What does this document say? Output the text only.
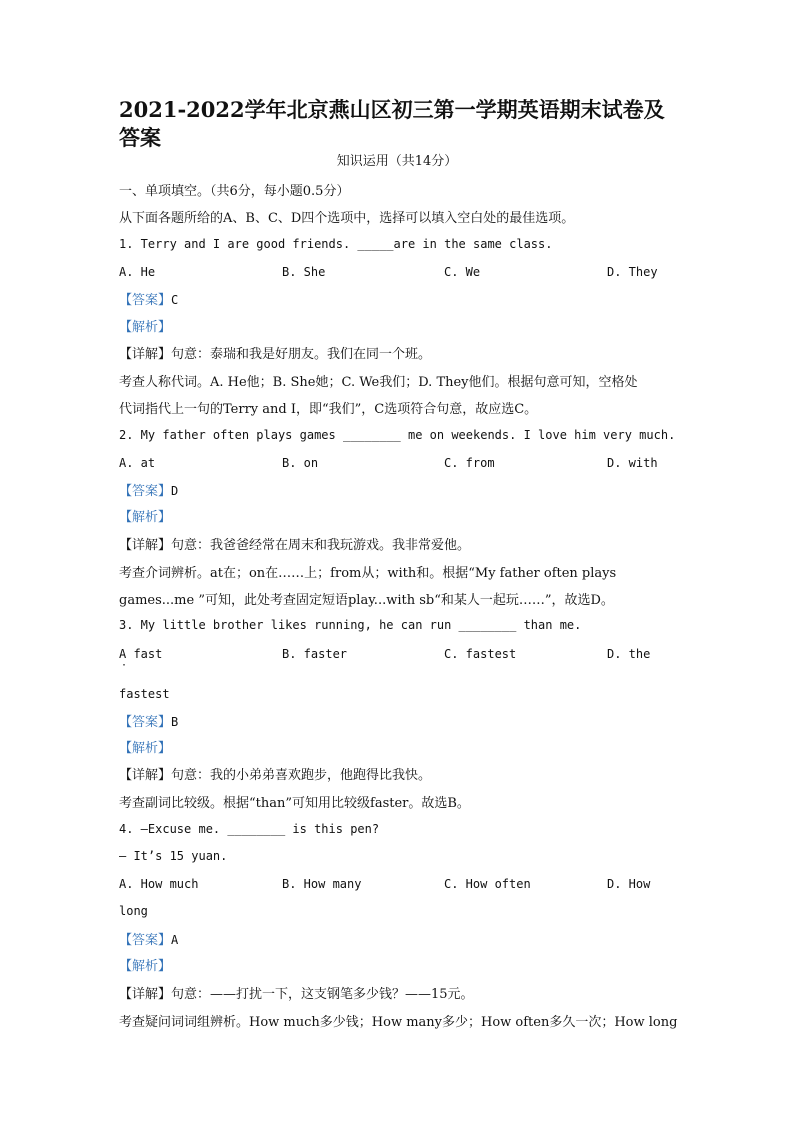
2021-2022学年北京燕山区初三第一学期英语期末试卷及答案
知识运用（共14分）
一、单项填空。（共6分，每小题0.5分）
从下面各题所给的A、B、C、D四个选项中，选择可以填入空白处的最佳选项。
1. Terry and I are good friends. _____are in the same class.
A. He	B. She	C. We	D. They
【答案】C
【解析】
【详解】句意：泰瑞和我是好朋友。我们在同一个班。
考查人称代词。A. He他；B. She她；C. We我们；D. They他们。根据句意可知，空格处
代词指代上一句的Terry and I，即“我们”，C选项符合句意，故应选C。
2. My father often plays games ________ me on weekends. I love him very much.
A. at	B. on	C. from	D. with
【答案】D
【解析】
【详解】句意：我爸爸经常在周末和我玩游戏。我非常爱他。
考查介词辨析。at在；on在……上；from从；with和。根据“My father often plays
games...me ”可知，此处考查固定短语play...with sb“和某人一起玩……”，故选D。
3. My little brother likes running, he can run ________ than me.
A fast	B. faster	C. fastest	D. the
·
fastest
【答案】B
【解析】
【详解】句意：我的小弟弟喜欢跑步，他跑得比我快。
考查副词比较级。根据“than”可知用比较级faster。故选B。
4. —Excuse me. ________ is this pen?
— It’s 15 yuan.
A. How much	B. How many	C. How often	D. How
long
【答案】A
【解析】
【详解】句意：——打扰一下，这支钢笔多少钱？——15元。
考查疑问词词组辨析。How much多少钱；How many多少；How often多久一次；How long
